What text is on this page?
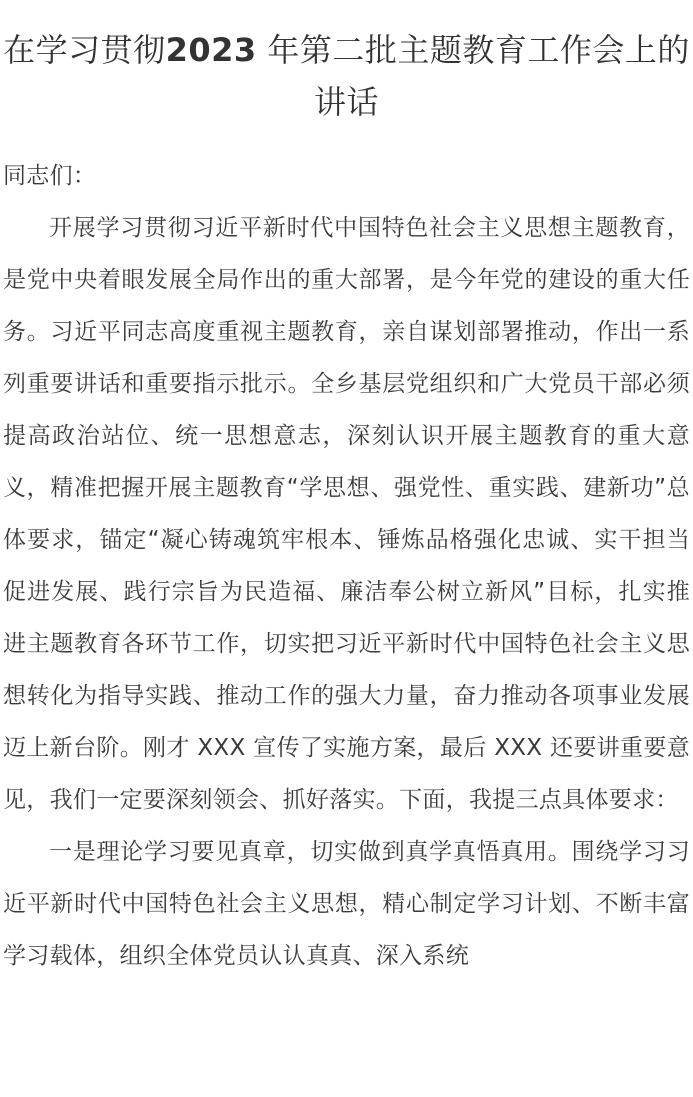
在学习贯彻2023 年第二批主题教育工作会上的讲话

同志们：

开展学习贯彻习近平新时代中国特色社会主义思想主题教育，是党中央着眼发展全局作出的重大部署，是今年党的建设的重大任务。习近平同志高度重视主题教育，亲自谋划部署推动，作出一系列重要讲话和重要指示批示。全乡基层党组织和广大党员干部必须提高政治站位、统一思想意志，深刻认识开展主题教育的重大意义，精准把握开展主题教育“学思想、强党性、重实践、建新功”总体要求，锚定“凝心铸魂筑牢根本、锤炼品格强化忠诚、实干担当促进发展、践行宗旨为民造福、廉洁奉公树立新风”目标，扎实推进主题教育各环节工作，切实把习近平新时代中国特色社会主义思想转化为指导实践、推动工作的强大力量，奋力推动各项事业发展迈上新台阶。刚才 XXX 宣传了实施方案，最后 XXX 还要讲重要意见，我们一定要深刻领会、抓好落实。下面，我提三点具体要求：

一是理论学习要见真章，切实做到真学真悟真用。围绕学习习近平新时代中国特色社会主义思想，精心制定学习计划、不断丰富学习载体，组织全体党员认认真真、深入系统
